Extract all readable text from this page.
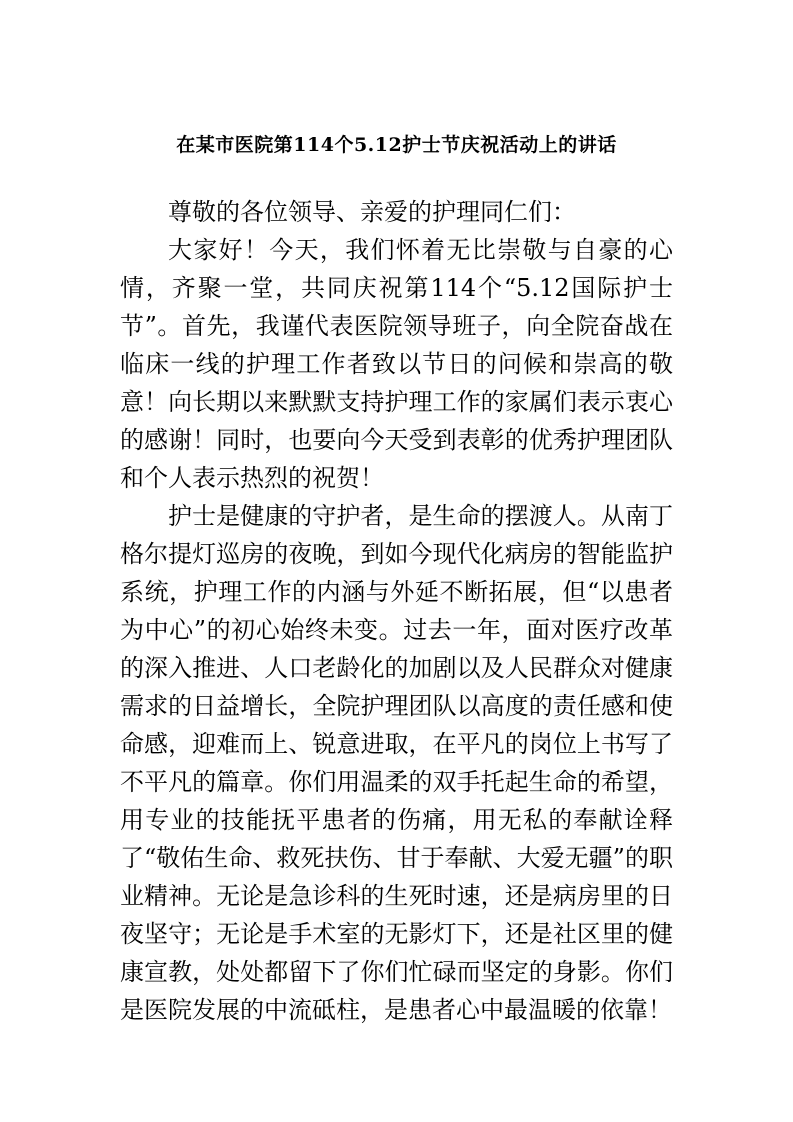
在某市医院第114个5.12护士节庆祝活动上的讲话

尊敬的各位领导、亲爱的护理同仁们：

大家好！今天，我们怀着无比崇敬与自豪的心情，齐聚一堂，共同庆祝第114个“5.12国际护士节”。首先，我谨代表医院领导班子，向全院奋战在临床一线的护理工作者致以节日的问候和崇高的敬意！向长期以来默默支持护理工作的家属们表示衷心的感谢！同时，也要向今天受到表彰的优秀护理团队和个人表示热烈的祝贺！

护士是健康的守护者，是生命的摆渡人。从南丁格尔提灯巡房的夜晚，到如今现代化病房的智能监护系统，护理工作的内涵与外延不断拓展，但“以患者为中心”的初心始终未变。过去一年，面对医疗改革的深入推进、人口老龄化的加剧以及人民群众对健康需求的日益增长，全院护理团队以高度的责任感和使命感，迎难而上、锐意进取，在平凡的岗位上书写了不平凡的篇章。你们用温柔的双手托起生命的希望，用专业的技能抚平患者的伤痛，用无私的奉献诠释了“敬佑生命、救死扶伤、甘于奉献、大爱无疆”的职业精神。无论是急诊科的生死时速，还是病房里的日夜坚守；无论是手术室的无影灯下，还是社区里的健康宣教，处处都留下了你们忙碌而坚定的身影。你们是医院发展的中流砥柱，是患者心中最温暖的依靠！
